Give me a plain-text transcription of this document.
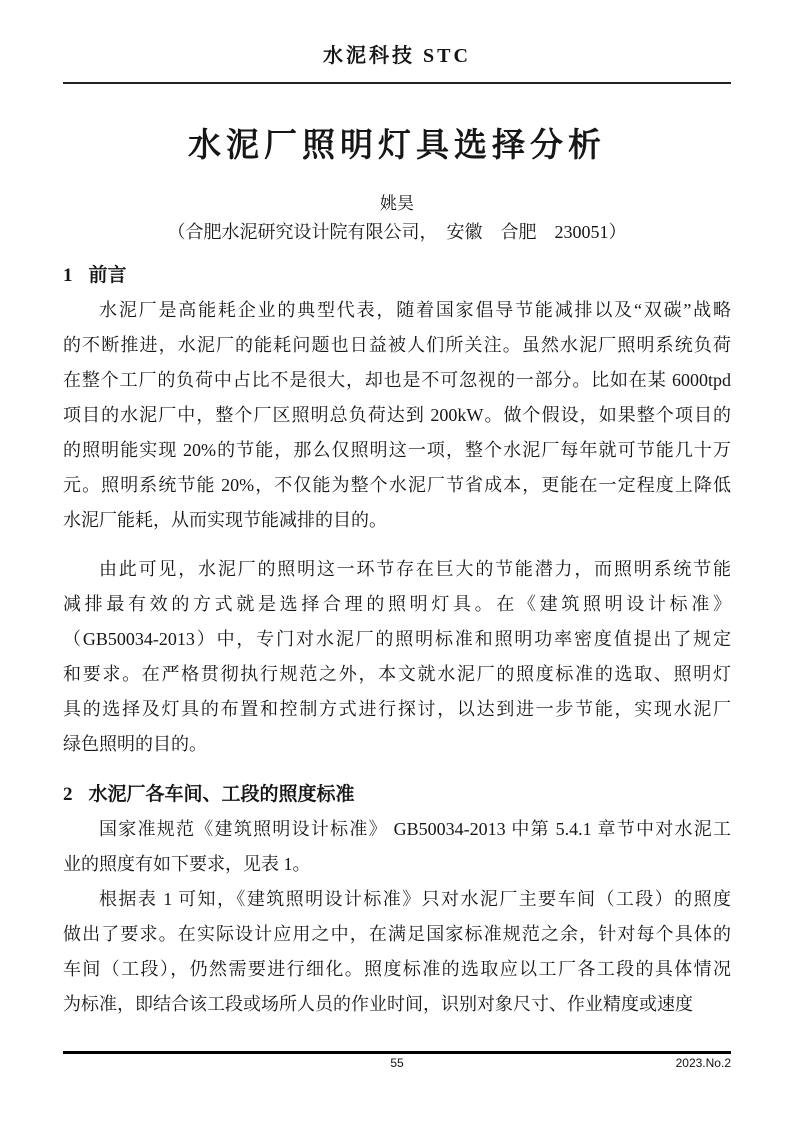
水泥科技 STC
水泥厂照明灯具选择分析
姚昊
（合肥水泥研究设计院有限公司，　安徽　合肥　230051）
1 前言
水泥厂是高能耗企业的典型代表，随着国家倡导节能减排以及“双碳”战略
的不断推进，水泥厂的能耗问题也日益被人们所关注。虽然水泥厂照明系统负荷
在整个工厂的负荷中占比不是很大，却也是不可忽视的一部分。比如在某 6000tpd
项目的水泥厂中，整个厂区照明总负荷达到 200kW。做个假设，如果整个项目的
的照明能实现 20%的节能，那么仅照明这一项，整个水泥厂每年就可节能几十万
元。照明系统节能 20%，不仅能为整个水泥厂节省成本，更能在一定程度上降低
水泥厂能耗，从而实现节能减排的目的。
由此可见，水泥厂的照明这一环节存在巨大的节能潜力，而照明系统节能
减排最有效的方式就是选择合理的照明灯具。在《建筑照明设计标准》
（GB50034-2013）中，专门对水泥厂的照明标准和照明功率密度值提出了规定
和要求。在严格贯彻执行规范之外，本文就水泥厂的照度标准的选取、照明灯
具的选择及灯具的布置和控制方式进行探讨，以达到进一步节能，实现水泥厂
绿色照明的目的。
2 水泥厂各车间、工段的照度标准
国家准规范《建筑照明设计标准》 GB50034-2013 中第 5.4.1 章节中对水泥工
业的照度有如下要求，见表 1。
根据表 1 可知，《建筑照明设计标准》只对水泥厂主要车间（工段）的照度
做出了要求。在实际设计应用之中，在满足国家标准规范之余，针对每个具体的
车间（工段），仍然需要进行细化。照度标准的选取应以工厂各工段的具体情况
为标准，即结合该工段或场所人员的作业时间，识别对象尺寸、作业精度或速度
55	2023.No.2
